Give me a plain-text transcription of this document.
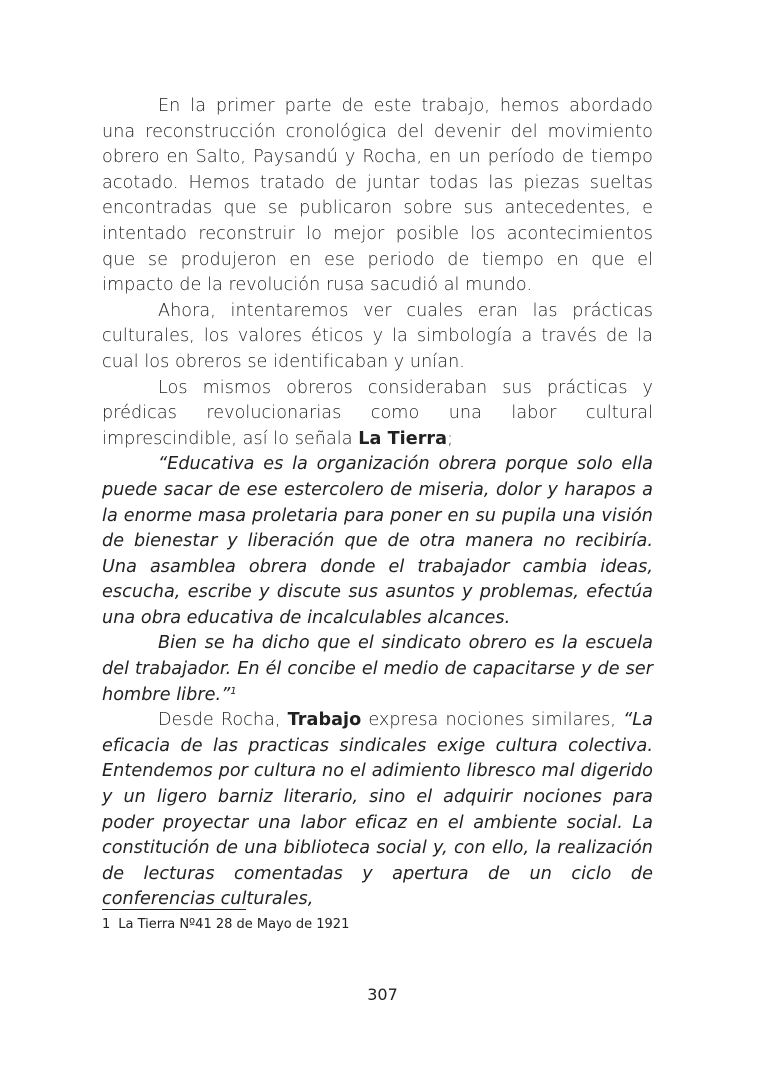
En la primer parte de este trabajo, hemos abordado una reconstrucción cronológica del devenir del movimiento obrero en Salto, Paysandú y Rocha, en un período de tiempo acotado. Hemos tratado de juntar todas las piezas sueltas encontradas que se publicaron sobre sus antecedentes, e intentado reconstruir lo mejor posible los acontecimientos que se produjeron en ese periodo de tiempo en que el impacto de la revolución rusa sacudió al mundo.

Ahora, intentaremos ver cuales eran las prácticas culturales, los valores éticos y la simbología a través de la cual los obreros se identificaban y unían.

Los mismos obreros consideraban sus prácticas y prédicas revolucionarias como una labor cultural imprescindible, así lo señala La Tierra;

“Educativa es la organización obrera porque solo ella puede sacar de ese estercolero de miseria, dolor y harapos a la enorme masa proletaria para poner en su pupila una visión de bienestar y liberación que de otra manera no recibiría. Una asamblea obrera donde el trabajador cambia ideas, escucha, escribe y discute sus asuntos y problemas, efectúa una obra educativa de incalculables alcances.

Bien se ha dicho que el sindicato obrero es la escuela del trabajador. En él concibe el medio de capacitarse y de ser hombre libre.”$^1$

Desde Rocha, Trabajo expresa nociones similares, “La eficacia de las practicas sindicales exige cultura colectiva. Entendemos por cultura no el adimiento libresco mal digerido y un ligero barniz literario, sino el adquirir nociones para poder proyectar una labor eficaz en el ambiente social. La constitución de una biblioteca social y, con ello, la realización de lecturas comentadas y apertura de un ciclo de conferencias culturales,

1 La Tierra Nº41 28 de Mayo de 1921
307
